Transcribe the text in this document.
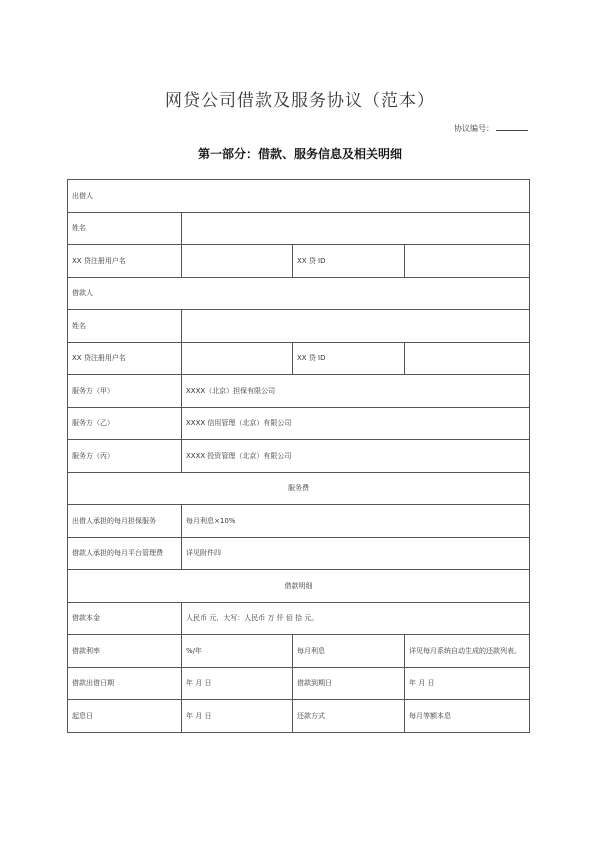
网贷公司借款及服务协议（范本）
协议编号：
第一部分：借款、服务信息及相关明细
出借人			
姓名			
XX 贷注册用户名		XX 贷 ID	
借款人			
姓名			
XX 贷注册用户名		XX 贷 ID	
服务方（甲）	XXXX（北京）担保有限公司		
服务方（乙）	XXXX 信用管理（北京）有限公司		
服务方（丙）	XXXX 投资管理（北京）有限公司		
服务费			
出借人承担的每月担保服务	每月利息×10%		
借款人承担的每月平台管理费	详见附件四		
借款明细			
借款本金	人民币 元，大写：人民币 万 仟 佰 拾 元。		
借款利率	%/年	每月利息	详见每月系统自动生成的还款列表。
借款出借日期	年 月 日	借款到期日	年 月 日
起息日	年 月 日	还款方式	每月等额本息
